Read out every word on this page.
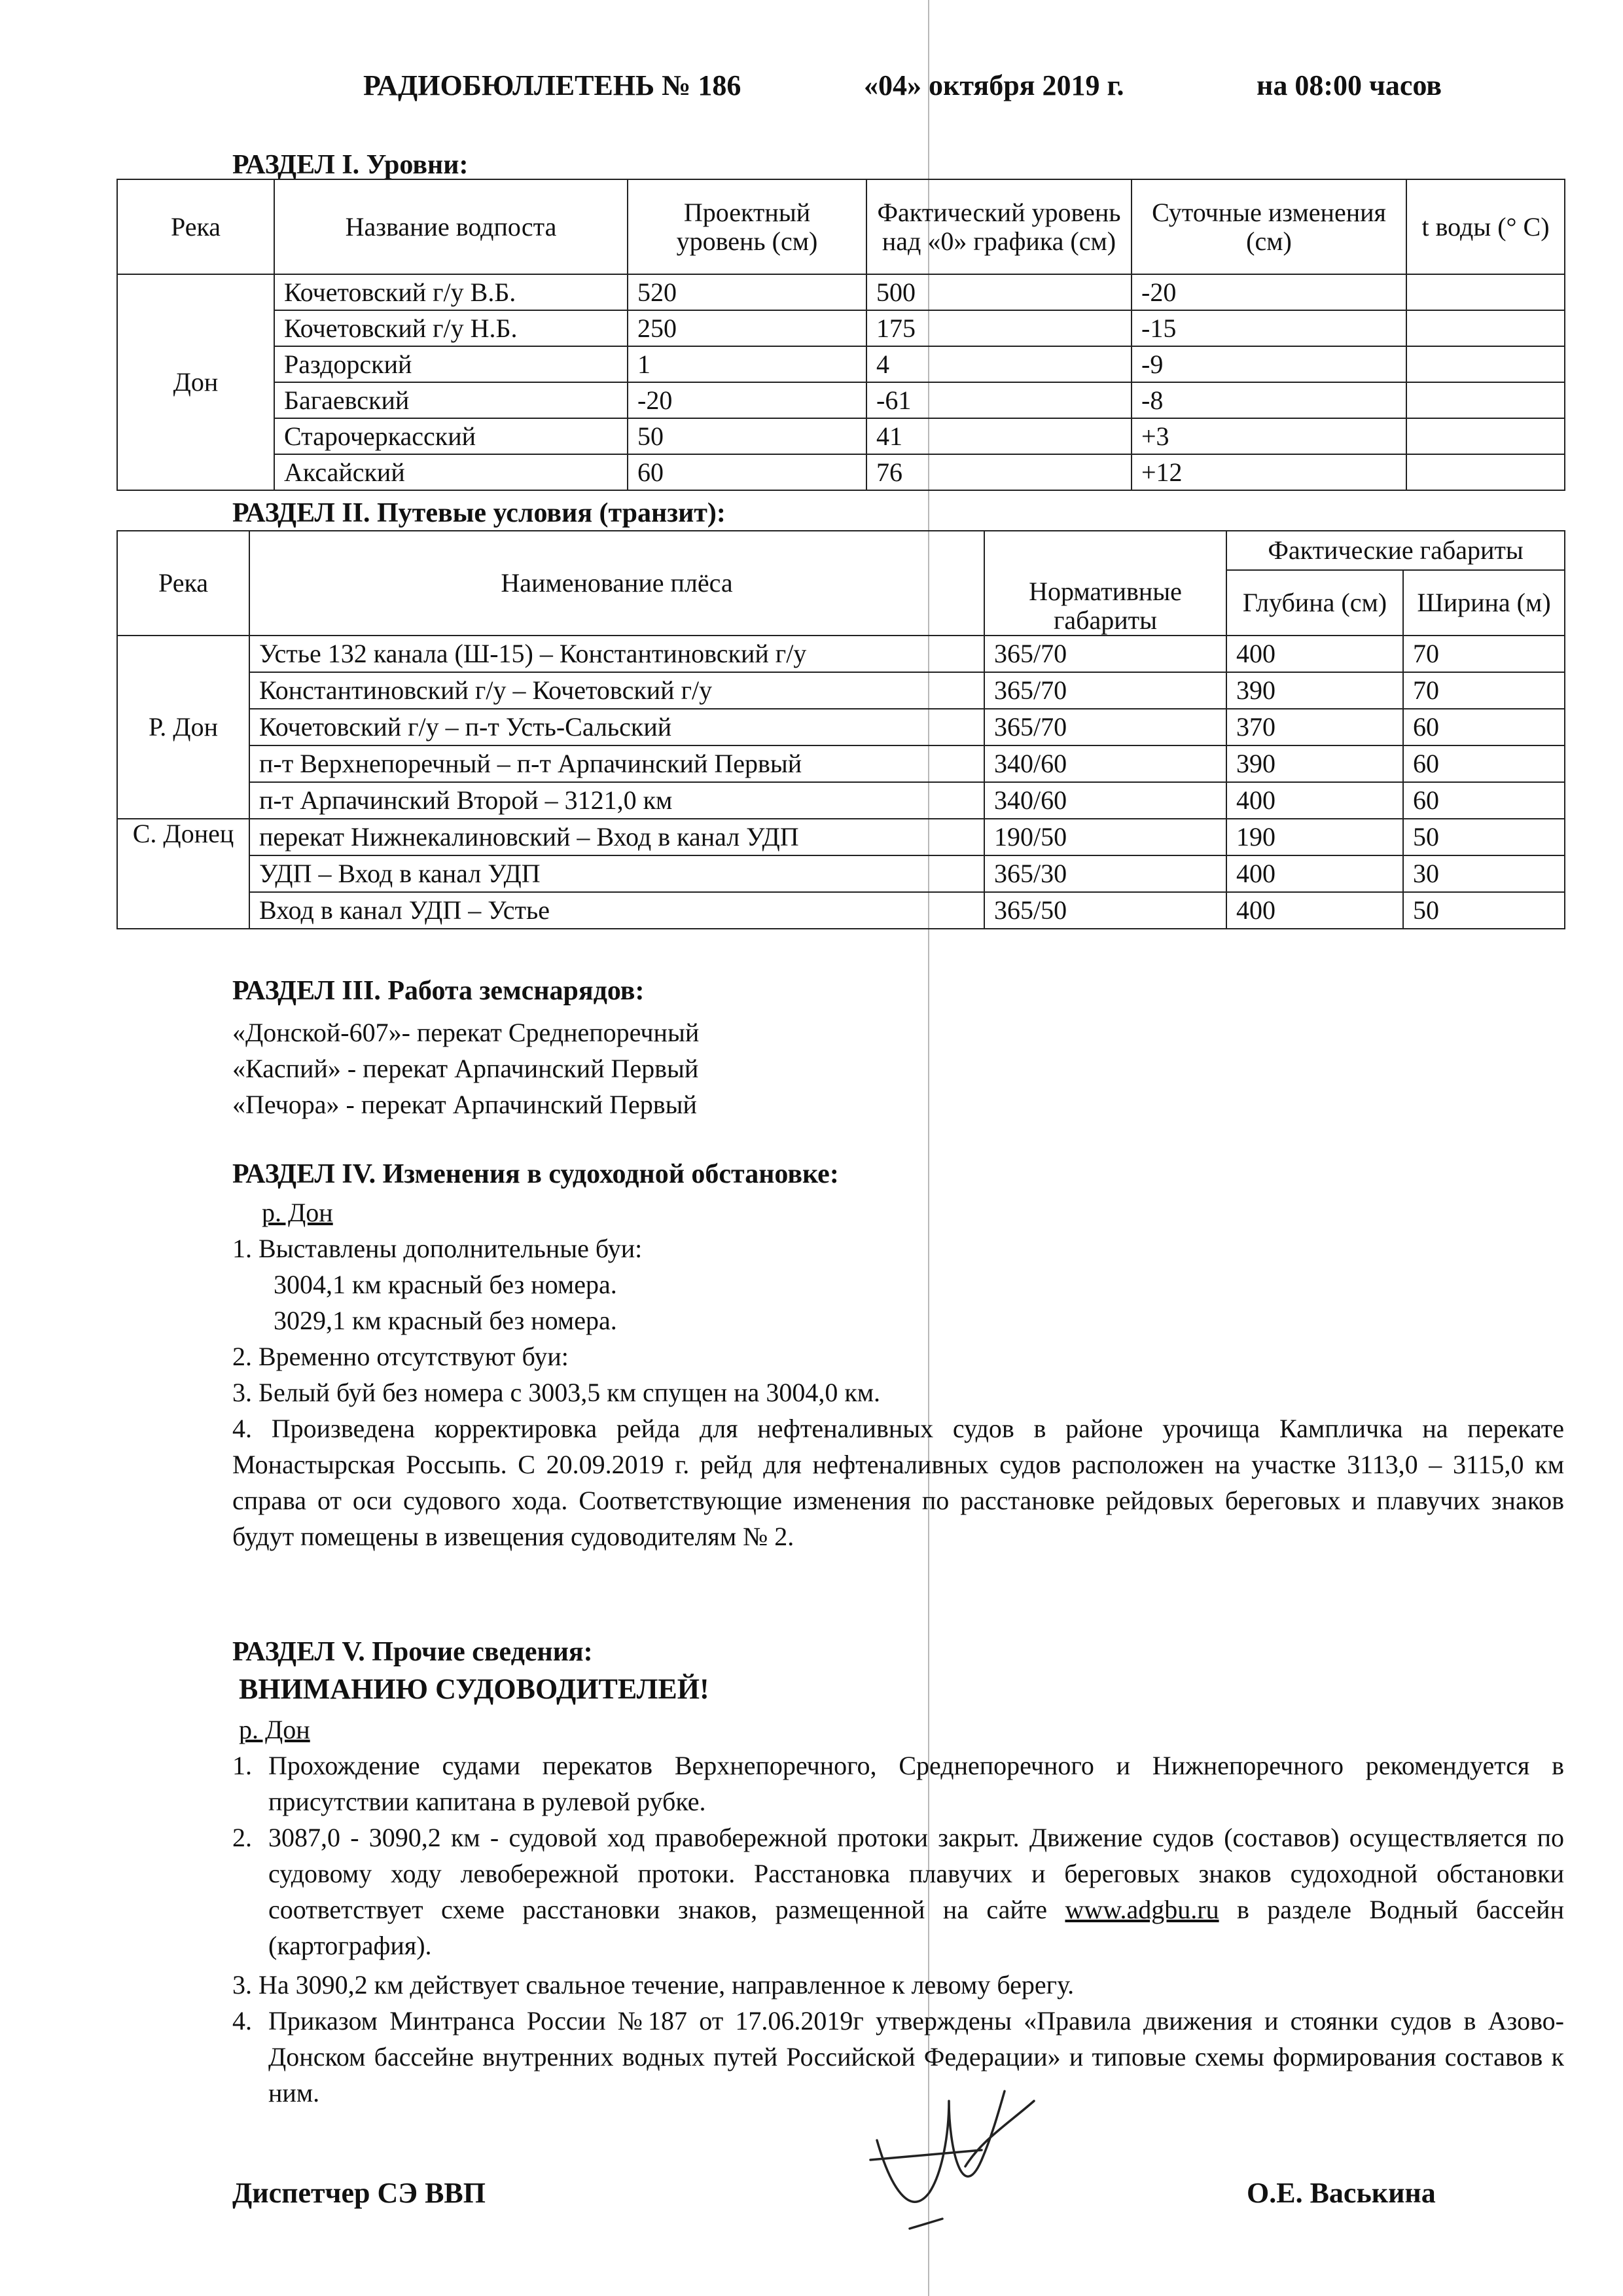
РАДИОБЮЛЛЕТЕНЬ № 186	«04» октября 2019 г.	на 08:00 часов
РАЗДЕЛ I. Уровни:
Река	Название водпоста	Проектный уровень (см)	Фактический уровень над «0» графика (см)	Суточные изменения (см)	t воды (° С)
Дон	Кочетовский г/у В.Б.	520	500	-20	
	Кочетовский г/у Н.Б.	250	175	-15	
	Раздорский	1	4	-9	
	Багаевский	-20	-61	-8	
	Старочеркасский	50	41	+3	
	Аксайский	60	76	+12	
РАЗДЕЛ II. Путевые условия (транзит):
Река	Наименование плёса	Нормативные габариты	Фактические габариты	
			Глубина (см)	Ширина (м)
Р. Дон	Устье 132 канала (Ш-15) – Константиновский г/у	365/70	400	70
	Константиновский г/у – Кочетовский г/у	365/70	390	70
	Кочетовский г/у – п-т Усть-Сальский	365/70	370	60
	п-т Верхнепоречный – п-т Арпачинский Первый	340/60	390	60
	п-т Арпачинский Второй – 3121,0 км	340/60	400	60
С. Донец	перекат Нижнекалиновский – Вход в канал УДП	190/50	190	50
	УДП – Вход в канал УДП	365/30	400	30
	Вход в канал УДП – Устье	365/50	400	50
РАЗДЕЛ III. Работа земснарядов:
«Донской-607»- перекат Среднепоречный
«Каспий» - перекат Арпачинский Первый
«Печора» - перекат Арпачинский Первый
РАЗДЕЛ IV. Изменения в судоходной обстановке:
р. Дон
1. Выставлены дополнительные буи:
3004,1 км красный без номера.
3029,1 км красный без номера.
2. Временно отсутствуют буи:
3. Белый буй без номера с 3003,5 км спущен на 3004,0 км.
4. Произведена корректировка рейда для нефтеналивных судов в районе урочища Кампличка на перекате Монастырская Россыпь. С 20.09.2019 г. рейд для нефтеналивных судов расположен на участке 3113,0 – 3115,0 км справа от оси судового хода. Соответствующие изменения по расстановке рейдовых береговых и плавучих знаков будут помещены в извещения судоводителям № 2.
РАЗДЕЛ V. Прочие сведения:
ВНИМАНИЮ СУДОВОДИТЕЛЕЙ!
р. Дон
1. Прохождение судами перекатов Верхнепоречного, Среднепоречного и Нижнепоречного рекомендуется в присутствии капитана в рулевой рубке.
2. 3087,0 - 3090,2 км - судовой ход правобережной протоки закрыт. Движение судов (составов) осуществляется по судовому ходу левобережной протоки. Расстановка плавучих и береговых знаков судоходной обстановки соответствует схеме расстановки знаков, размещенной на сайте www.adgbu.ru в разделе Водный бассейн (картография).
3. На 3090,2 км действует свальное течение, направленное к левому берегу.
4. Приказом Минтранса России №187 от 17.06.2019г утверждены «Правила движения и стоянки судов в Азово-Донском бассейне внутренних водных путей Российской Федерации» и типовые схемы формирования составов к ним.
Диспетчер СЭ ВВП	О.Е. Васькина
